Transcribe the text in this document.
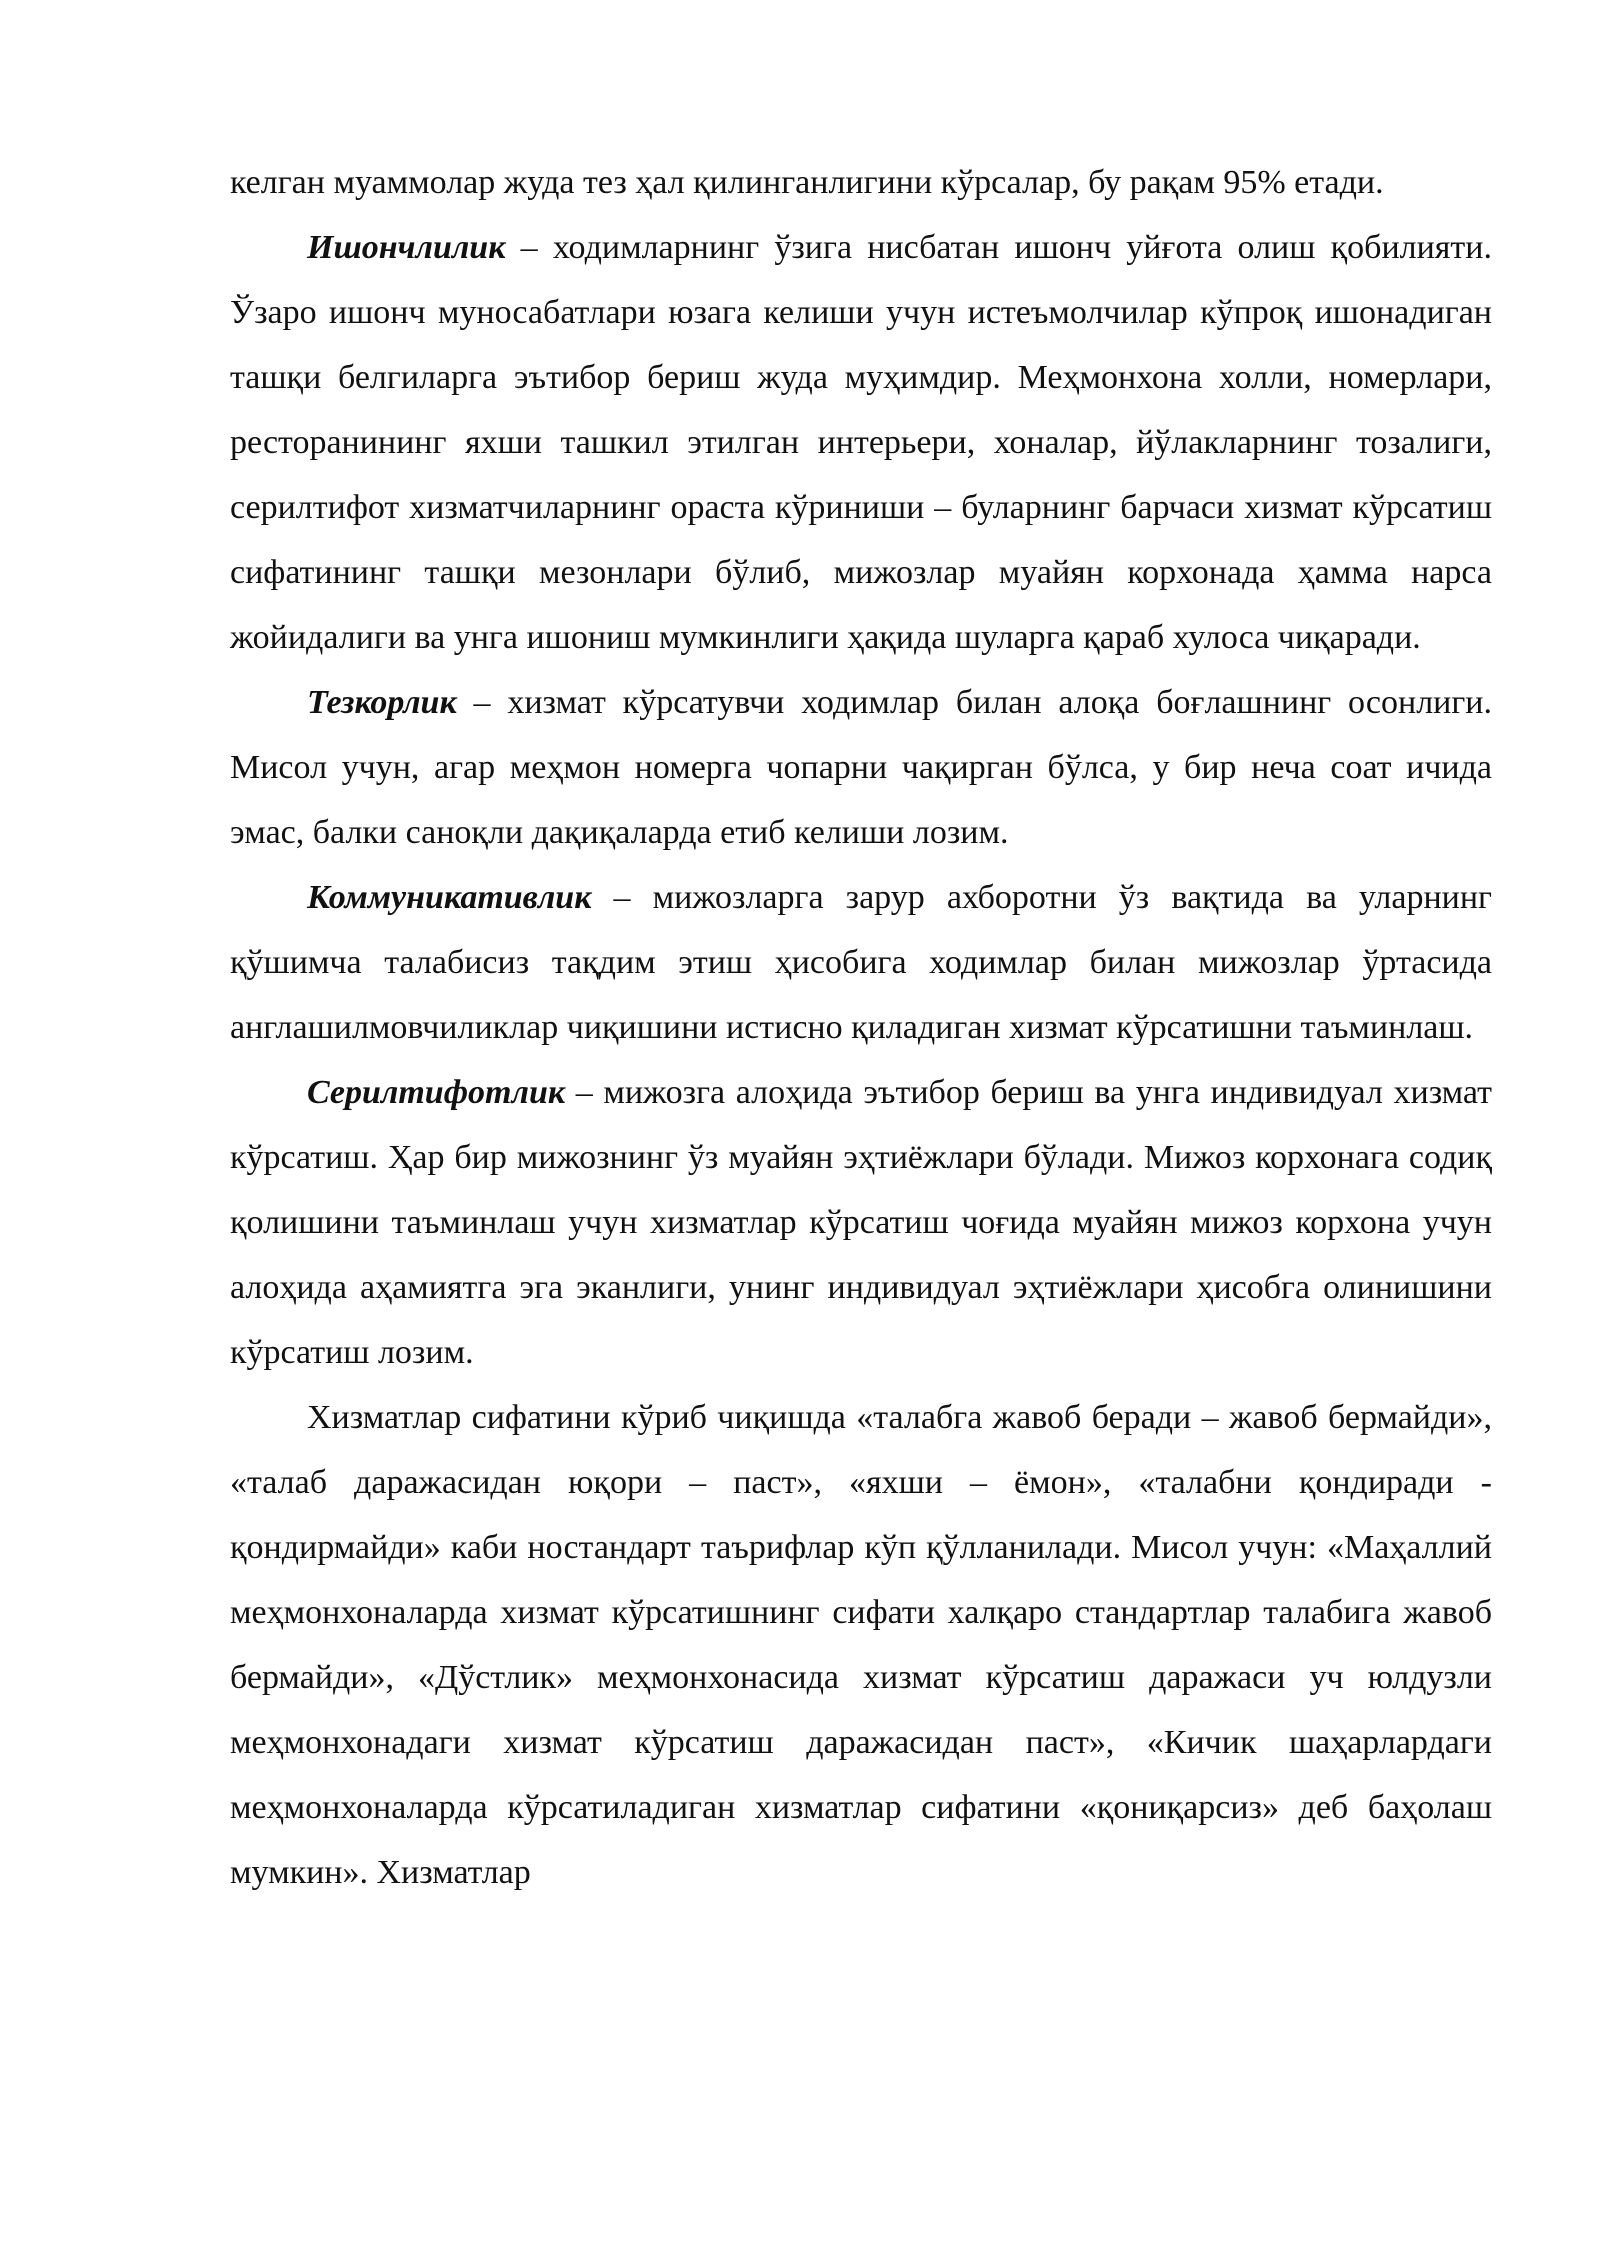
келган муаммолар жуда тез ҳал қилинганлигини кўрсалар, бу рақам 95% етади.

Ишончлилик – ходимларнинг ўзига нисбатан ишонч уйғота олиш қобилияти. Ўзаро ишонч муносабатлари юзага келиши учун истеъмолчилар кўпроқ ишонадиган ташқи белгиларга эътибор бериш жуда муҳимдир. Меҳмонхона холли, номерлари, ресторанининг яхши ташкил этилган интерьери, хоналар, йўлакларнинг тозалиги, серилтифот хизматчиларнинг ораста кўриниши – буларнинг барчаси хизмат кўрсатиш сифатининг ташқи мезонлари бўлиб, мижозлар муайян корхонада ҳамма нарса жойидалиги ва унга ишониш мумкинлиги ҳақида шуларга қараб хулоса чиқаради.

Тезкорлик – хизмат кўрсатувчи ходимлар билан алоқа боғлашнинг осонлиги. Мисол учун, агар меҳмон номерга чопарни чақирган бўлса, у бир неча соат ичида эмас, балки саноқли дақиқаларда етиб келиши лозим.

Коммуникативлик – мижозларга зарур ахборотни ўз вақтида ва уларнинг қўшимча талабисиз тақдим этиш ҳисобига ходимлар билан мижозлар ўртасида англашилмовчиликлар чиқишини истисно қиладиган хизмат кўрсатишни таъминлаш.

Серилтифотлик – мижозга алоҳида эътибор бериш ва унга индивидуал хизмат кўрсатиш. Ҳар бир мижознинг ўз муайян эҳтиёжлари бўлади. Мижоз корхонага содиқ қолишини таъминлаш учун хизматлар кўрсатиш чоғида муайян мижоз корхона учун алоҳида аҳамиятга эга эканлиги, унинг индивидуал эҳтиёжлари ҳисобга олинишини кўрсатиш лозим.

Хизматлар сифатини кўриб чиқишда «талабга жавоб беради – жавоб бермайди», «талаб даражасидан юқори – паст», «яхши – ёмон», «талабни қондиради - қондирмайди» каби ностандарт таърифлар кўп қўлланилади. Мисол учун: «Маҳаллий меҳмонхоналарда хизмат кўрсатишнинг сифати халқаро стандартлар талабига жавоб бермайди», «Дўстлик» меҳмонхонасида хизмат кўрсатиш даражаси уч юлдузли меҳмонхонадаги хизмат кўрсатиш даражасидан паст», «Кичик шаҳарлардаги меҳмонхоналарда кўрсатиладиган хизматлар сифатини «қониқарсиз» деб баҳолаш мумкин». Хизматлар
